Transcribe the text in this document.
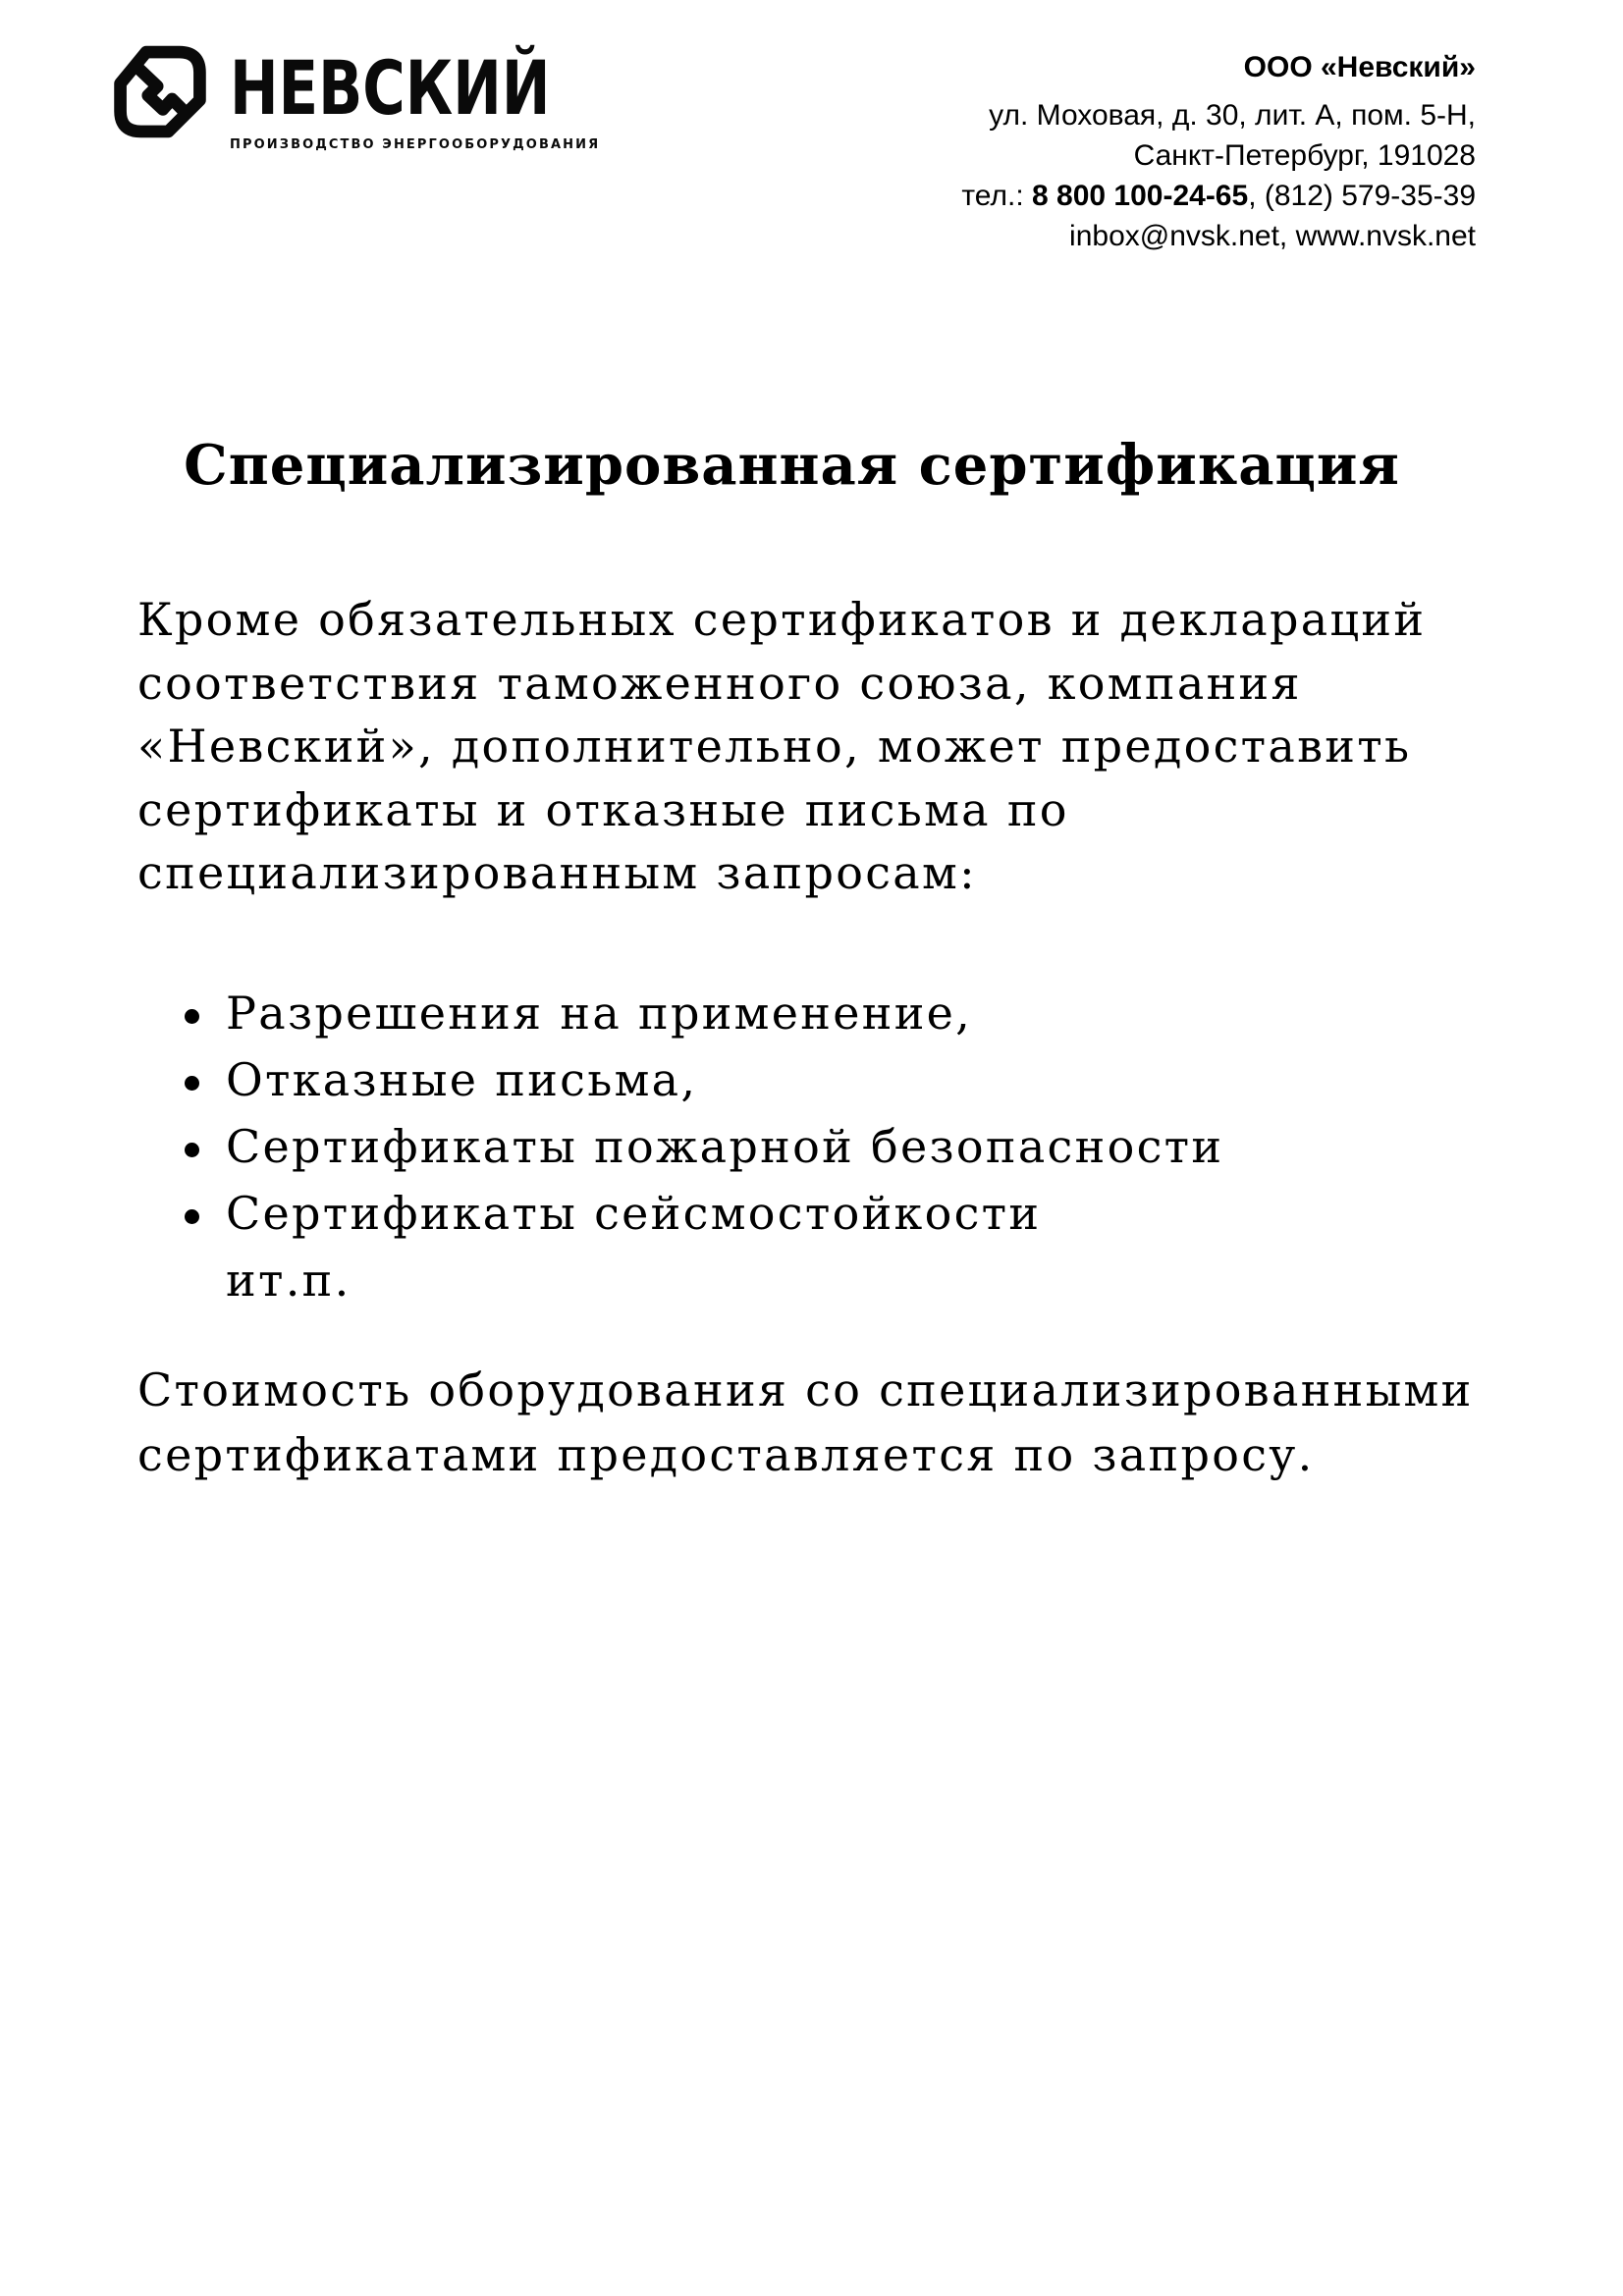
НЕВСКИЙ
ПРОИЗВОДСТВО ЭНЕРГООБОРУДОВАНИЯ
ООО «Невский»
ул. Моховая, д. 30, лит. А, пом. 5-Н,
Санкт-Петербург, 191028
тел.: 8 800 100-24-65, (812) 579-35-39
inbox@nvsk.net, www.nvsk.net
Специализированная сертификация
Кроме обязательных сертификатов и деклараций
соответствия таможенного союза, компания
«Невский», дополнительно, может предоставить
сертификаты и отказные письма по
специализированным запросам:
Разрешения на применение,
Отказные письма,
Сертификаты пожарной безопасности
Сертификаты сейсмостойкости
ит.п.
Стоимость оборудования со специализированными
сертификатами предоставляется по запросу.
